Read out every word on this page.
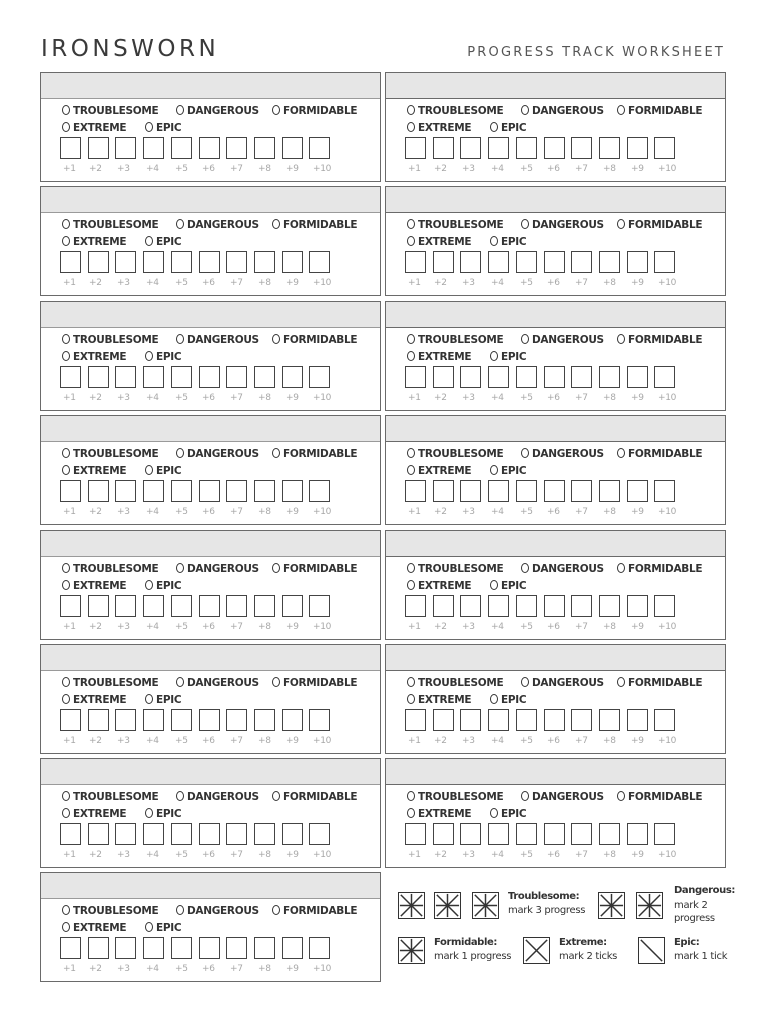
IRONSWORN	PROGRESS TRACK WORKSHEET
TROUBLESOME	DANGEROUS	FORMIDABLE
EXTREME	EPIC
+1 +2 +3 +4 +5 +6 +7 +8 +9 +10
TROUBLESOME	DANGEROUS	FORMIDABLE
EXTREME	EPIC
+1 +2 +3 +4 +5 +6 +7 +8 +9 +10
TROUBLESOME	DANGEROUS	FORMIDABLE
EXTREME	EPIC
+1 +2 +3 +4 +5 +6 +7 +8 +9 +10
TROUBLESOME	DANGEROUS	FORMIDABLE
EXTREME	EPIC
+1 +2 +3 +4 +5 +6 +7 +8 +9 +10
TROUBLESOME	DANGEROUS	FORMIDABLE
EXTREME	EPIC
+1 +2 +3 +4 +5 +6 +7 +8 +9 +10
TROUBLESOME	DANGEROUS	FORMIDABLE
EXTREME	EPIC
+1 +2 +3 +4 +5 +6 +7 +8 +9 +10
TROUBLESOME	DANGEROUS	FORMIDABLE
EXTREME	EPIC
+1 +2 +3 +4 +5 +6 +7 +8 +9 +10
TROUBLESOME	DANGEROUS	FORMIDABLE
EXTREME	EPIC
+1 +2 +3 +4 +5 +6 +7 +8 +9 +10
TROUBLESOME	DANGEROUS	FORMIDABLE
EXTREME	EPIC
+1 +2 +3 +4 +5 +6 +7 +8 +9 +10
TROUBLESOME	DANGEROUS	FORMIDABLE
EXTREME	EPIC
+1 +2 +3 +4 +5 +6 +7 +8 +9 +10
TROUBLESOME	DANGEROUS	FORMIDABLE
EXTREME	EPIC
+1 +2 +3 +4 +5 +6 +7 +8 +9 +10
TROUBLESOME	DANGEROUS	FORMIDABLE
EXTREME	EPIC
+1 +2 +3 +4 +5 +6 +7 +8 +9 +10
TROUBLESOME	DANGEROUS	FORMIDABLE
EXTREME	EPIC
+1 +2 +3 +4 +5 +6 +7 +8 +9 +10
TROUBLESOME	DANGEROUS	FORMIDABLE
EXTREME	EPIC
+1 +2 +3 +4 +5 +6 +7 +8 +9 +10
TROUBLESOME	DANGEROUS	FORMIDABLE
EXTREME	EPIC
+1 +2 +3 +4 +5 +6 +7 +8 +9 +10
Troublesome:
mark 3 progress
Dangerous:
mark 2
progress
Formidable:
mark 1 progress
Extreme:
mark 2 ticks
Epic:
mark 1 tick
